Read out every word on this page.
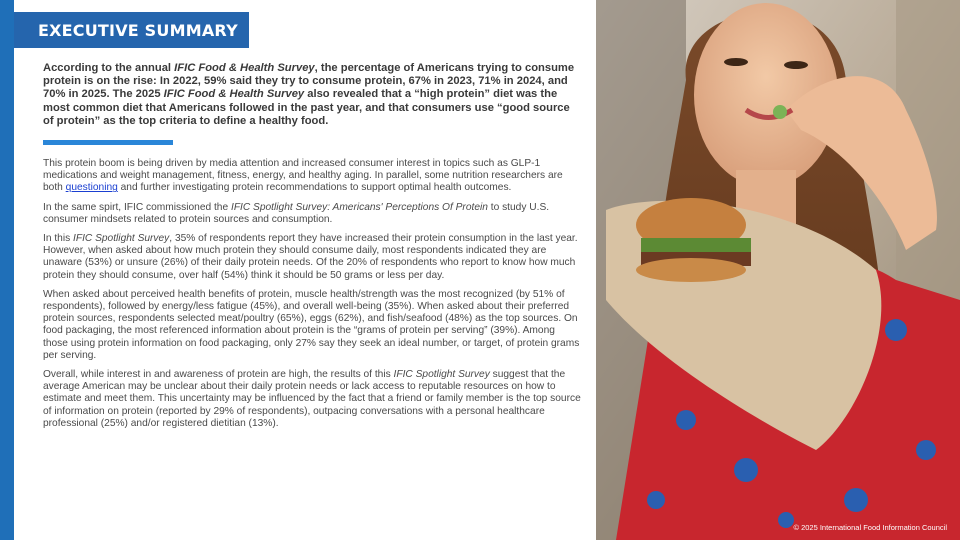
EXECUTIVE SUMMARY

According to the annual IFIC Food & Health Survey, the percentage of Americans trying to consume protein is on the rise: In 2022, 59% said they try to consume protein, 67% in 2023, 71% in 2024, and 70% in 2025. The 2025 IFIC Food & Health Survey also revealed that a “high protein” diet was the most common diet that Americans followed in the past year, and that consumers use “good source of protein” as the top criteria to define a healthy food.

This protein boom is being driven by media attention and increased consumer interest in topics such as GLP-1 medications and weight management, fitness, energy, and healthy aging. In parallel, some nutrition researchers are both questioning and further investigating protein recommendations to support optimal health outcomes.

In the same spirt, IFIC commissioned the IFIC Spotlight Survey: Americans' Perceptions Of Protein to study U.S. consumer mindsets related to protein sources and consumption.

In this IFIC Spotlight Survey, 35% of respondents report they have increased their protein consumption in the last year. However, when asked about how much protein they should consume daily, most respondents indicated they are unaware (53%) or unsure (26%) of their daily protein needs. Of the 20% of respondents who report to know how much protein they should consume, over half (54%) think it should be 50 grams or less per day.

When asked about perceived health benefits of protein, muscle health/strength was the most recognized (by 51% of respondents), followed by energy/less fatigue (45%), and overall well-being (35%). When asked about their preferred protein sources, respondents selected meat/poultry (65%), eggs (62%), and fish/seafood (48%) as the top sources. On food packaging, the most referenced information about protein is the “grams of protein per serving” (39%). Among those using protein information on food packaging, only 27% say they seek an ideal number, or target, of protein grams per serving.

Overall, while interest in and awareness of protein are high, the results of this IFIC Spotlight Survey suggest that the average American may be unclear about their daily protein needs or lack access to reputable resources on how to estimate and meet them. This uncertainty may be influenced by the fact that a friend or family member is the top source of information on protein (reported by 29% of respondents), outpacing conversations with a personal healthcare professional (25%) and/or registered dietitian (13%).

© 2025 International Food Information Council
